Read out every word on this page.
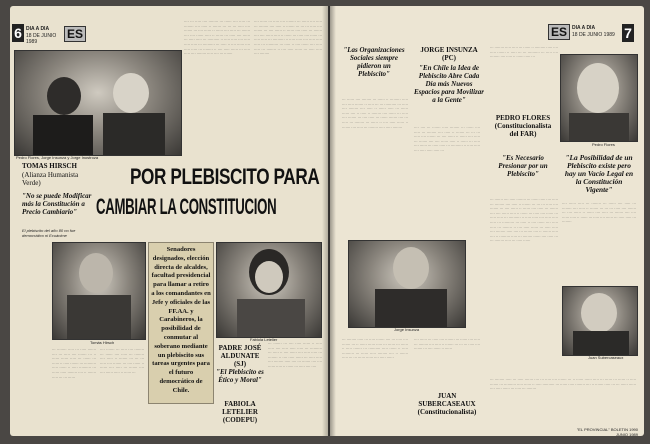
6 DIA A DIA
18 DE JUNIO 1989
ES
Pedro Flores, Jorge Insunza y Jorge Inostroza

···· ··· ····· ···· ········ ··· ······ ···· ····· ··· ········ ···· ····· ·· ······· ··· ··· ··· ····· ···· ······· ··· ···· ······ ·· ······ ···· ····· ··· ······· ···· ···· ······ ····· ·· ······ ··· ····· ···· ······ ··· ····· ····· ··· ·········· ·· ····· ····· ···· ····· ····· ····· ··· ·········· ··· ····· ·· ···· ······ ···· ····· ····· ··· ········ ·· ···· ····· ······ ··· ····· ····· ···· ········ ····· ···· ··· ·······

···· ······ ··· ····· ···· ········ ··· ······ ···· ····· ··· ········ ···· ····· ·· ······· ··· ··· ··· ····· ···· ······· ··· ···· ······ ·· ······ ···· ····· ··· ······· ···· ···· ······ ····· ·· ······ ··· ····· ···· ······ ··· ····· ····· ··· ·········· ·· ····· ····· ···· ····· ····· ····· ··· ·········· ··· ····· ·· ···· ······ ···· ····· ····· ··· ········ ·· ···· ····· ······ ··· ····· ····· ···· ········

TOMAS HIRSCH
(Alianza Humanista Verde)
"No se puede Modificar más la Constitución a Precio Cambiario"
El plebiscito del año 80 no fue democrático ni Ecuánime
POR PLEBISCITO PARA
CAMBIAR LA CONSTITUCION
Tomás Hirsch
Senadores designados, elección directa de alcaldes, facultad presidencial para llamar a retiro a los comandantes en Jefe y oficiales de las FF.AA. y Carabineros, la posibilidad de conmutar al soberano mediante un plebiscito sus tareas urgentes para el futuro democrático de Chile.
Fabiola Letelier

··· ········ ····· ··· ····· ······· ···· ··· ····· ···· ······· ··· ·· ······ ······ ····· ··· ······ ··· ······ ·· ····· ······· ··· ·········· ····· ······ ·· ····· ·········· ··· ······ ····· ········ ···· ·· ······· ····· ··· ··· ······

···· ······· ··· ····· ···· ········ ··· ······ ···· ····· ··· ········ ···· ····· ·· ······· ··· ··· ··· ····· ···· ······· ··· ···· ······ ·· ······ ···· ····· ··· ······· ···· ···· ······ ····· ·· ······ ···

PADRE JOSÉ ALDUNATE (SJ)
"El Plebiscito es Ético y Moral"
FABIOLA LETELIER (CODEPU)

··· ······· ··· ···· ····· ······ ·· ····· ····· ···· ····· ····· ····· ··· ·········· ··· ····· ·· ···· ······ ···· ····· ····· ··· ········ ·· ···· ····· ······ ··· ····· ····· ···· ········ ····· ···· ··· ······· ···· ···· ······ ····· ·· ······ ··· ····· ···· ····

ES	DIA A DIA
18 DE JUNIO 1989 7
"Las Organizaciones Sociales siempre pidieron un Plebiscito"
JORGE INSUNZA (PC)
"En Chile la Idea de Plebiscito Abre Cada Día más Nuevos Espacios para Movilizar a la Gente"

··· ······ ···· ········ ··· ······ ·· ········· ····· ···· ····· ······· ·· ····· ··· ··· ·········· ··· ····· ···· ········ ···· ····· ·· ······ ····· ··· ······ ······ ···· ·· ····· ·· ········ ···· ······ ··· ····· ···· ······· ··· ···· ····· ··· ······ ······· ···· ··· ····· ··· ········ ··· ······ ·· ···· ····· ······ ·· ······· ···· ····· ··· ········ ····· ····· ········	···· ···· ··· ······· ····· ········ ··· ······ ···· ····· ··· ········ ···· ····· ·· ······· ··· ··· ··· ····· ···· ······· ··· ···· ······ ·· ······ ···· ····· ··· ······· ···· ···· ······ ····· ·· ······ ··· ····· ···· ······ ··· ····· ····· ··· ·········· ·· ····· ····· ···· ····· ····· ····· ···

··· ········ ····· ····· ··· ······ ·· ········· ····· ···· ····· ······· ·· ····· ··· ··· ·········· ··· ····· ···· ········ ···· ····· ·· ······ ····· ···

Pedro Flores
PEDRO FLORES (Constitucionalista del FAR)
"Es Necesario Presionar por un Plebiscito"
"La Posibilidad de un Plebiscito existe pero hay un Vacío Legal en la Constitución Vigente"
Jorge Insunza

··· ······· ···· ····· ········ ··· ······ ····· ···· ····· ··· ········ ···· ····· ·· ······· ··· ··· ··· ····· ···· ······· ··· ···· ······ ·· ······ ···· ····· ··· ······· ···· ···· ······ ····· ·· ······ ··· ····· ···· ······ ··· ····· ····· ··· ·········· ·· ····· ····· ···· ····· ····· ····· ··· ·········· ··· ····· ·· ···· ······ ···· ····· ····· ··· ········ ·· ···· ····· ······ ··· ····· ····· ···· ········ ····· ···· ··· ······· ···· ·· ······· ····· ···· ·· ········· ····· ··· ········ ······ ···· ····· ··· ··· ········ ····· ··· ····· ······

···· ······ ····· ··· ········ ··· ······ ···· ····· ··· ········ ···· ····· ·· ······· ··· ··· ··· ····· ···· ······· ··· ···· ······ ·· ······ ···· ····· ··· ······· ···· ···· ······ ····· ·· ······ ··· ····· ···· ······ ··· ····· ····· ··· ········

Juan Subercaseaux

··· ········ ····· ··· ····· ······· ···· ··· ····· ···· ······· ··· ·· ······ ······ ····· ··· ······ ··· ······ ·· ····· ······· ··· ·········· ····· ······ ·· ····· ·········· ··· ······ ····· ········ ···· ·· ······· ····· ··· ··· ······ ······ ···· ····· ······

···· ······ ··· ····· ···· ········ ··· ······ ···· ····· ··· ········ ···· ····· ·· ······· ··· ··· ··· ····· ···· ······· ··· ···· ······ ·· ······

JUAN SUBERCASEAUX (Constitucionalista)

··· ········ ····· ··· ····· ······· ···· ··· ····· ···· ······· ··· ·· ······ ······ ····· ··· ······ ··· ······ ·· ····· ······· ··· ·········· ····· ······ ·· ····· ·········· ··· ······ ····· ········ ···· ·· ······· ····· ··· ··· ······ ······ ···· ····· ······ ··· ····· ··· ········

"EL PROVINCIAL" BOLETIN 1990 JUNIO 1989
